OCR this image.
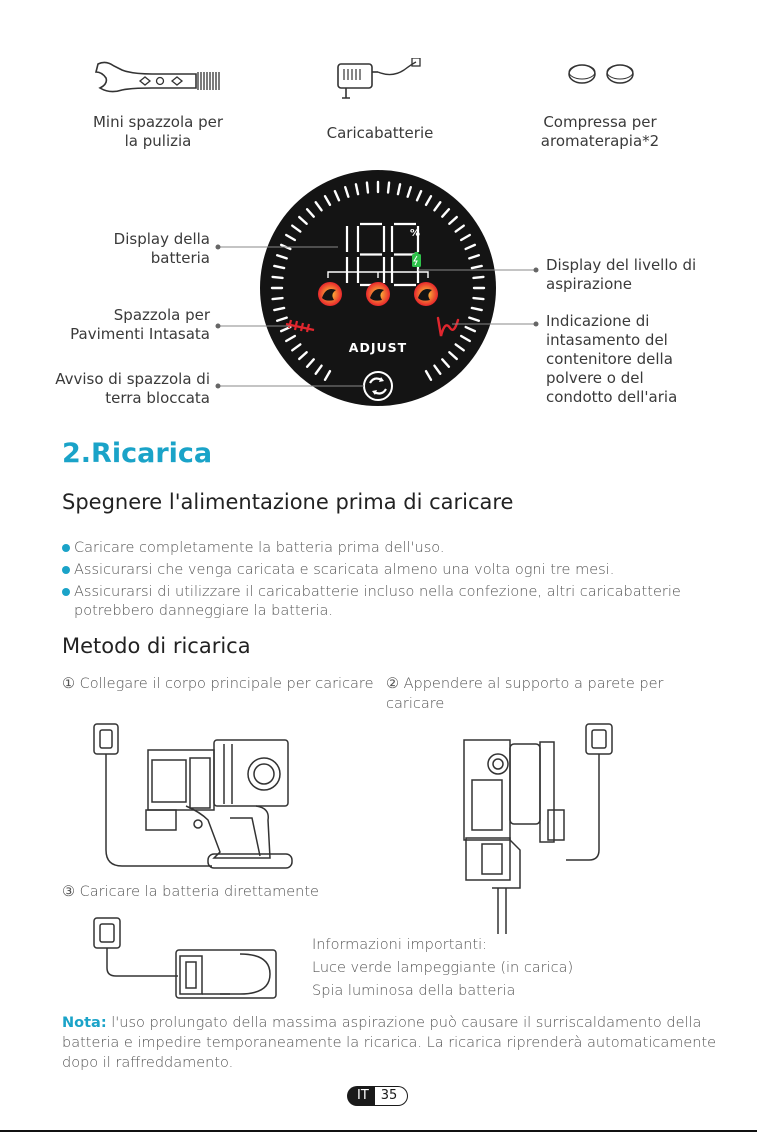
Mini spazzola per
la pulizia	Caricabatterie
Compressa per
aromaterapia*2
%
ADJUST
Display della
batteria
Spazzola per
Pavimenti Intasata
Avviso di spazzola di
terra bloccata
Display del livello di
aspirazione
Indicazione di
intasamento del
contenitore della
polvere o del
condotto dell'aria
2.Ricarica
Spegnere l'alimentazione prima di caricare
Caricare completamente la batteria prima dell'uso.
Assicurarsi che venga caricata e scaricata almeno una volta ogni tre mesi.
Assicurarsi di utilizzare il caricabatterie incluso nella confezione, altri caricabatterie
potrebbero danneggiare la batteria.
Metodo di ricarica
① Collegare il corpo principale per caricare ② Appendere al supporto a parete per
caricare
③ Caricare la batteria direttamente
Informazioni importanti:
Luce verde lampeggiante (in carica)
Spia luminosa della batteria
Nota: l'uso prolungato della massima aspirazione può causare il surriscaldamento della
batteria e impedire temporaneamente la ricarica. La ricarica riprenderà automaticamente
dopo il raffreddamento.
IT 35
